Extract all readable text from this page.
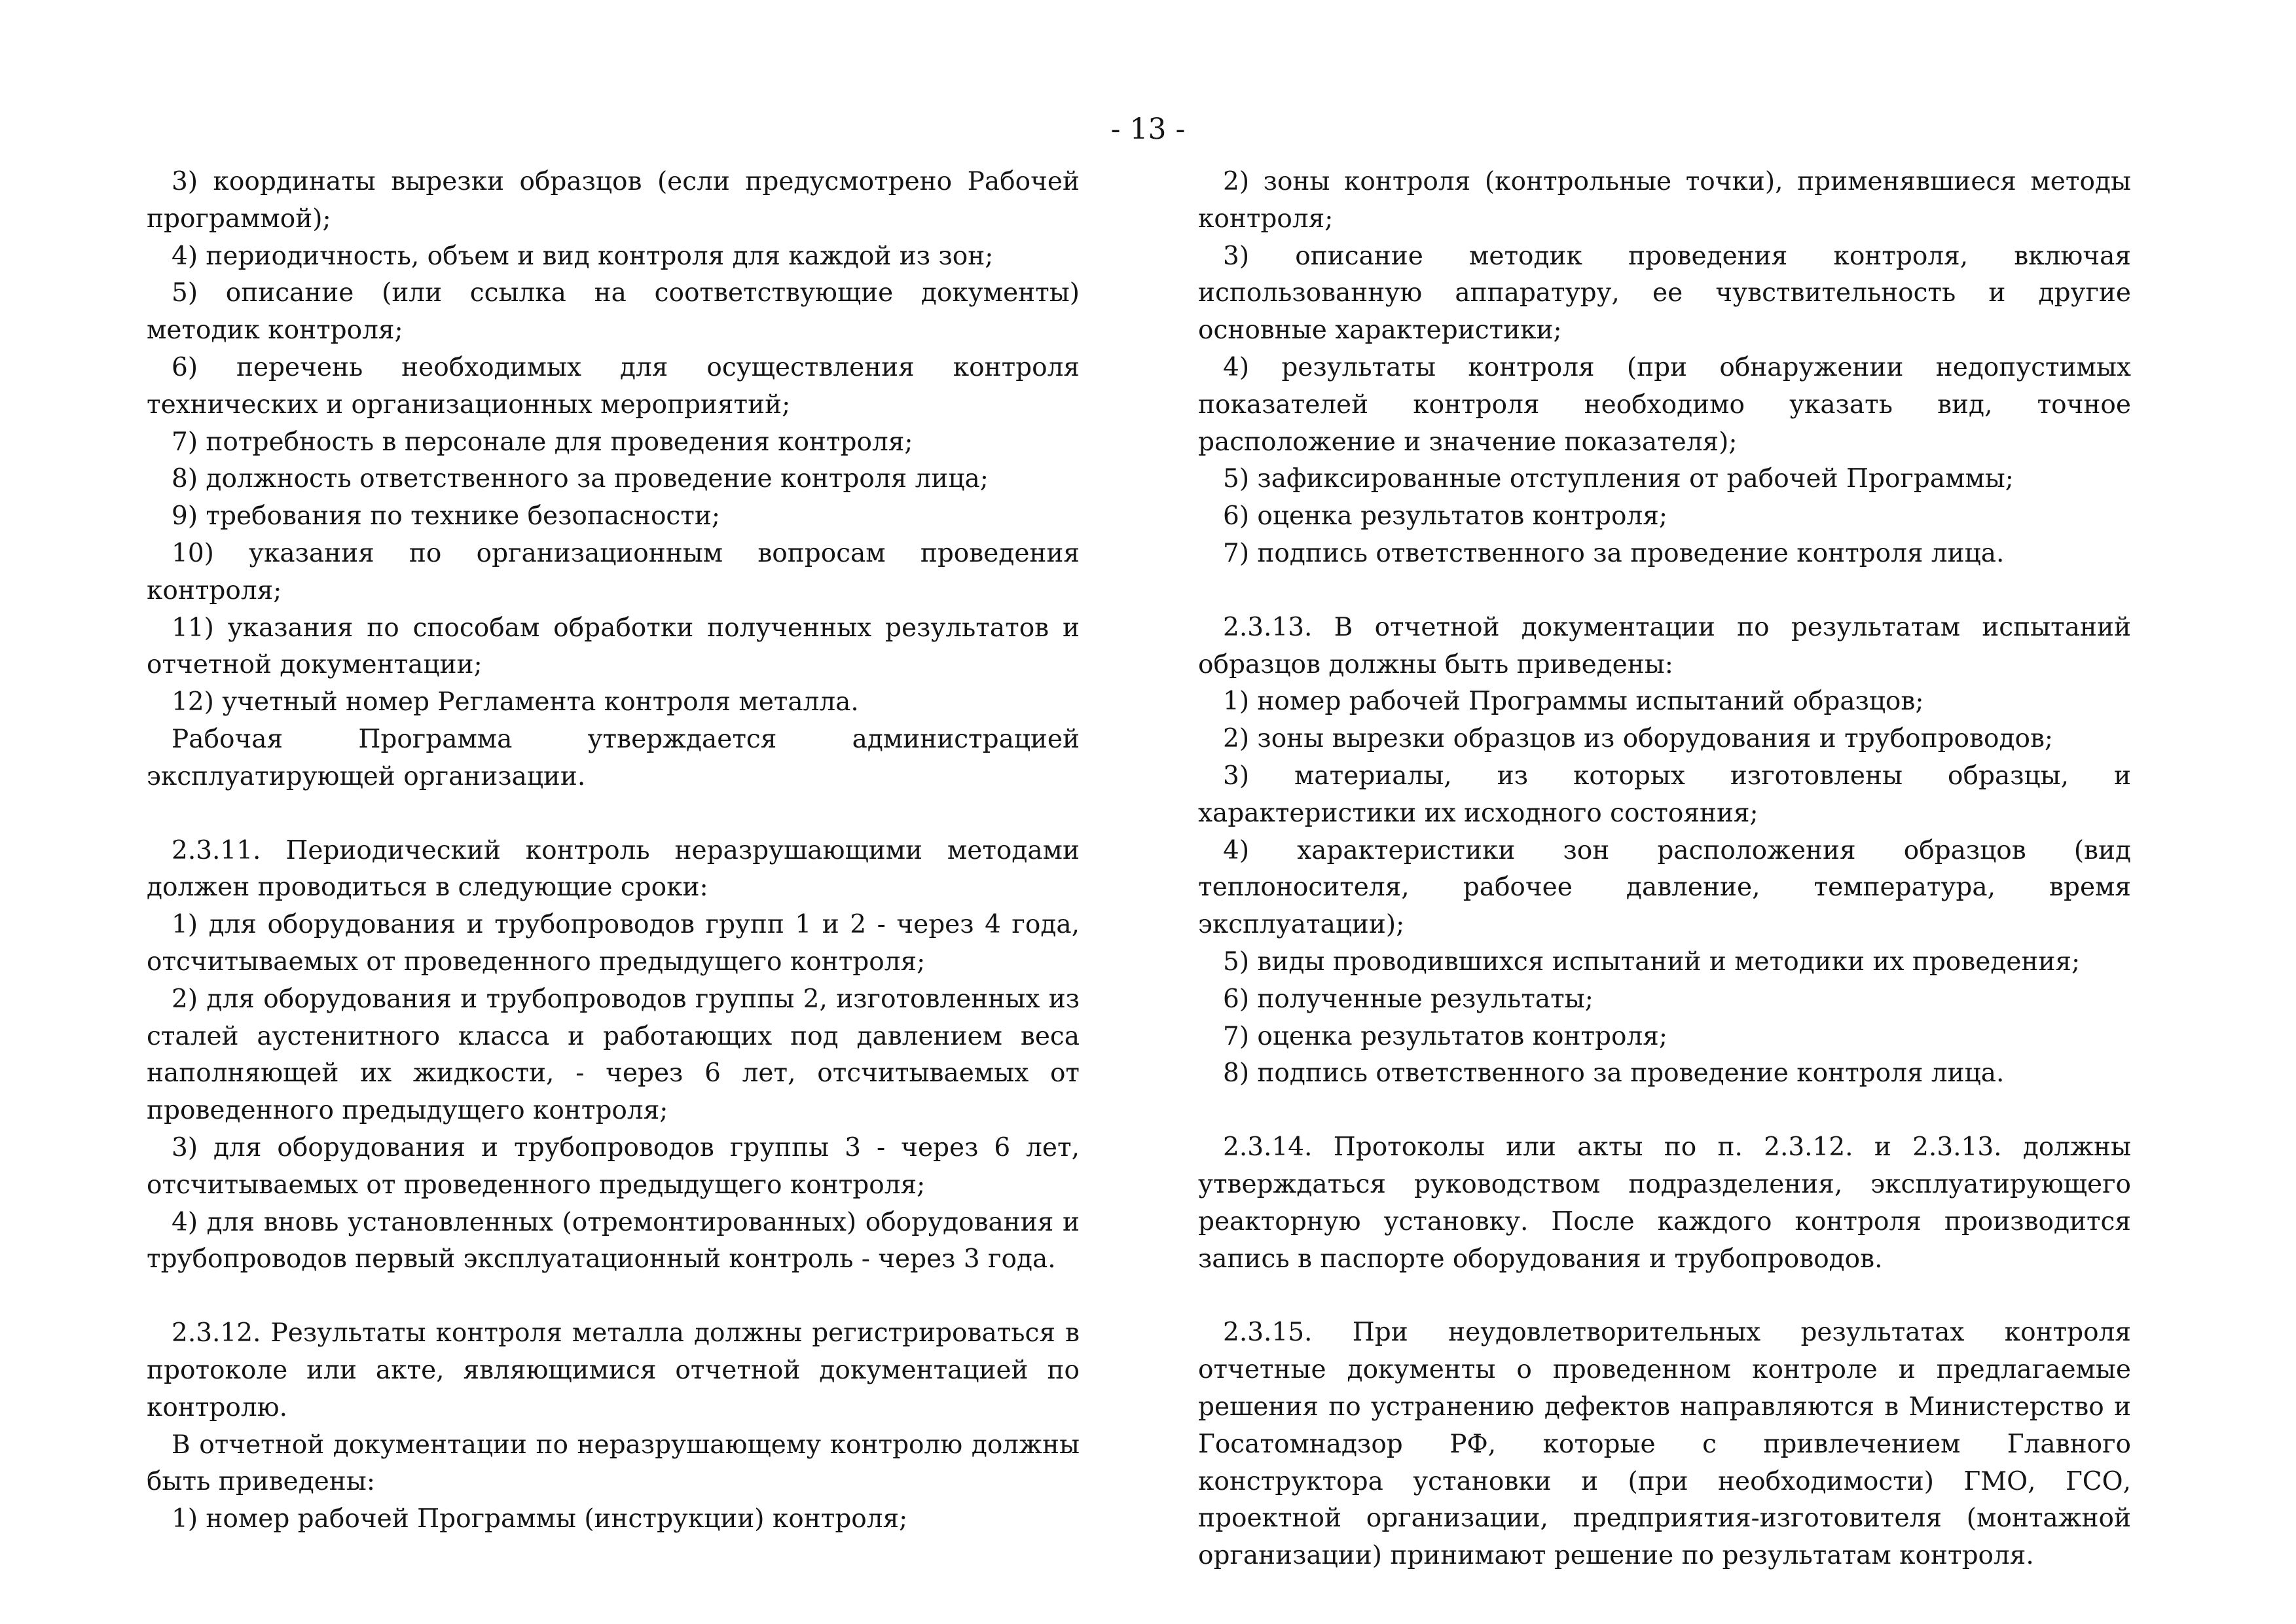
- 13 -

3) координаты вырезки образцов (если предусмотрено Рабочей программой);

4) периодичность, объем и вид контроля для каждой из зон;

5) описание (или ссылка на соответствующие документы) методик контроля;

6) перечень необходимых для осуществления контроля технических и организационных мероприятий;

7) потребность в персонале для проведения контроля;

8) должность ответственного за проведение контроля лица;

9) требования по технике безопасности;

10) указания по организационным вопросам проведения контроля;

11) указания по способам обработки полученных результатов и отчетной документации;

12) учетный номер Регламента контроля металла.

Рабочая Программа утверждается администрацией эксплуатирующей организации.

2.3.11. Периодический контроль неразрушающими методами должен проводиться в следующие сроки:

1) для оборудования и трубопроводов групп 1 и 2 - через 4 года, отсчитываемых от проведенного предыдущего контроля;

2) для оборудования и трубопроводов группы 2, изготовленных из сталей аустенитного класса и работающих под давлением веса наполняющей их жидкости, - через 6 лет, отсчитываемых от проведенного предыдущего контроля;

3) для оборудования и трубопроводов группы 3 - через 6 лет, отсчитываемых от проведенного предыдущего контроля;

4) для вновь установленных (отремонтированных) оборудования и трубопроводов первый эксплуатационный контроль - через 3 года.

2.3.12. Результаты контроля металла должны регистрироваться в протоколе или акте, являющимися отчетной документацией по контролю.

В отчетной документации по неразрушающему контролю должны быть приведены:

1) номер рабочей Программы (инструкции) контроля;

2) зоны контроля (контрольные точки), применявшиеся методы контроля;

3) описание методик проведения контроля, включая использованную аппаратуру, ее чувствительность и другие основные характеристики;

4) результаты контроля (при обнаружении недопустимых показателей контроля необходимо указать вид, точное расположение и значение показателя);

5) зафиксированные отступления от рабочей Программы;

6) оценка результатов контроля;

7) подпись ответственного за проведение контроля лица.

2.3.13. В отчетной документации по результатам испытаний образцов должны быть приведены:

1) номер рабочей Программы испытаний образцов;

2) зоны вырезки образцов из оборудования и трубопроводов;

3) материалы, из которых изготовлены образцы, и характеристики их исходного состояния;

4) характеристики зон расположения образцов (вид теплоносителя, рабочее давление, температура, время эксплуатации);

5) виды проводившихся испытаний и методики их проведения;

6) полученные результаты;

7) оценка результатов контроля;

8) подпись ответственного за проведение контроля лица.

2.3.14. Протоколы или акты по п. 2.3.12. и 2.3.13. должны утверждаться руководством подразделения, эксплуатирующего реакторную установку. После каждого контроля производится запись в паспорте оборудования и трубопроводов.

2.3.15. При неудовлетворительных результатах контроля отчетные документы о проведенном контроле и предлагаемые решения по устранению дефектов направляются в Министерство и Госатомнадзор РФ, которые с привлечением Главного конструктора установки и (при необходимости) ГМО, ГСО, проектной организации, предприятия-изготовителя (монтажной организации) принимают решение по результатам контроля.
